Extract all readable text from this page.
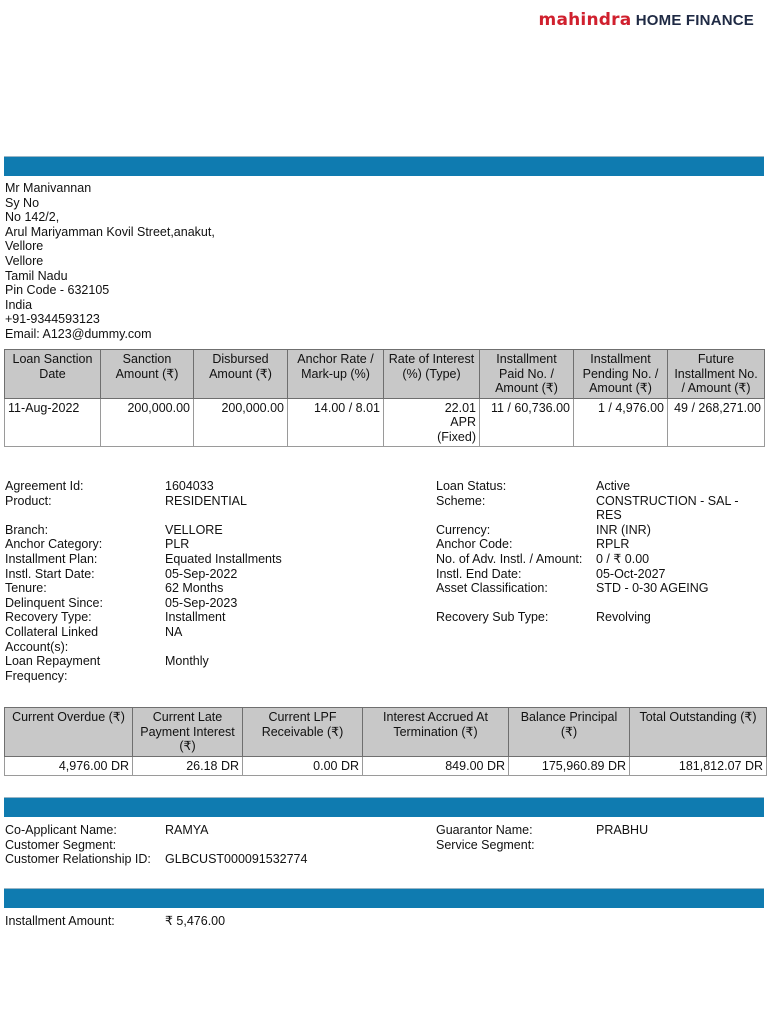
mahindra HOME FINANCE
Mr Manivannan
Sy No
No 142/2,
Arul Mariyamman Kovil Street,anakut,
Vellore
Vellore
Tamil Nadu
Pin Code - 632105
India
+91-9344593123
Email: A123@dummy.com
Loan Sanction Date	Sanction Amount (₹)	Disbursed Amount (₹)	Anchor Rate / Mark-up (%)	Rate of Interest (%) (Type)	Installment Paid No. / Amount (₹)	Installment Pending No. / Amount (₹)	Future Installment No. / Amount (₹)
11-Aug-2022	200,000.00	200,000.00	14.00 / 8.01	22.01
APR
(Fixed)	11 / 60,736.00	1 / 4,976.00	49 / 268,271.00
Agreement Id:	1604033
Product:	RESIDENTIAL
Branch:	VELLORE
Anchor Category:	PLR
Installment Plan:	Equated Installments
Instl. Start Date:	05-Sep-2022
Tenure:	62 Months
Delinquent Since:	05-Sep-2023
Recovery Type:	Installment
Collateral Linked
Account(s):
NA
Loan Repayment
Frequency:
Monthly
Loan Status:	Active
Scheme:	CONSTRUCTION - SAL -
RES
Currency:	INR (INR)
Anchor Code:	RPLR
No. of Adv. Instl. / Amount:	0 / ₹ 0.00
Instl. End Date:	05-Oct-2027
Asset Classification:	STD - 0-30 AGEING
Recovery Sub Type:	Revolving
Current Overdue (₹)	Current Late Payment Interest (₹)	Current LPF Receivable (₹)	Interest Accrued At Termination (₹)	Balance Principal (₹)	Total Outstanding (₹)
4,976.00 DR	26.18 DR	0.00 DR	849.00 DR	175,960.89 DR	181,812.07 DR
Co-Applicant Name:	RAMYA
Customer Segment:
Customer Relationship ID:	GLBCUST000091532774
Guarantor Name:	PRABHU
Service Segment:
Installment Amount:	₹ 5,476.00
